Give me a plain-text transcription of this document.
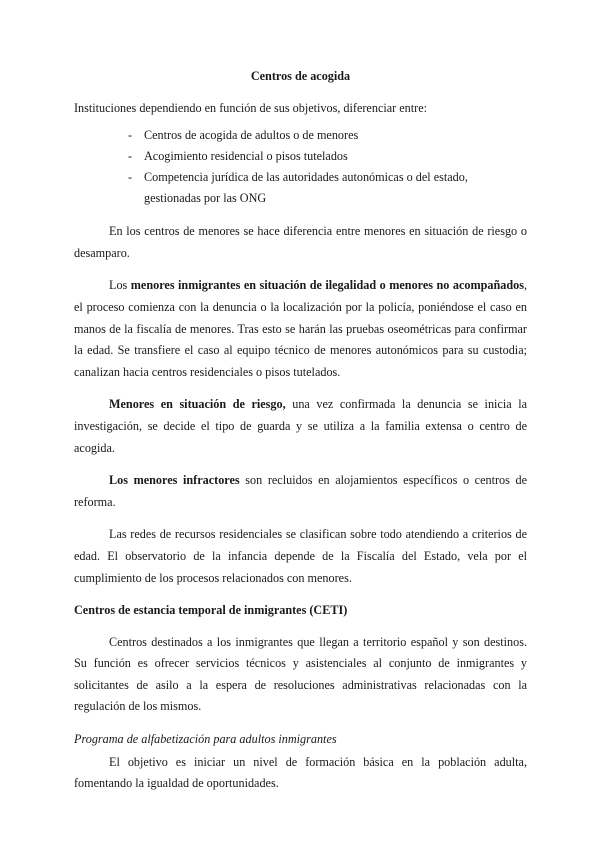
Centros de acogida

Instituciones dependiendo en función de sus objetivos, diferenciar entre:

- Centros de acogida de adultos o de menores
- Acogimiento residencial o pisos tutelados
- Competencia jurídica de las autoridades autonómicas o del estado, gestionadas por las ONG

En los centros de menores se hace diferencia entre menores en situación de riesgo o desamparo.

Los menores inmigrantes en situación de ilegalidad o menores no acompañados, el proceso comienza con la denuncia o la localización por la policía, poniéndose el caso en manos de la fiscalía de menores. Tras esto se harán las pruebas oseométricas para confirmar la edad. Se transfiere el caso al equipo técnico de menores autonómicos para su custodia; canalizan hacia centros residenciales o pisos tutelados.

Menores en situación de riesgo, una vez confirmada la denuncia se inicia la investigación, se decide el tipo de guarda y se utiliza a la familia extensa o centro de acogida.

Los menores infractores son recluidos en alojamientos específicos o centros de reforma.

Las redes de recursos residenciales se clasifican sobre todo atendiendo a criterios de edad. El observatorio de la infancia depende de la Fiscalía del Estado, vela por el cumplimiento de los procesos relacionados con menores.

Centros de estancia temporal de inmigrantes (CETI)

Centros destinados a los inmigrantes que llegan a territorio español y son destinos. Su función es ofrecer servicios técnicos y asistenciales al conjunto de inmigrantes y solicitantes de asilo a la espera de resoluciones administrativas relacionadas con la regulación de los mismos.

Programa de alfabetización para adultos inmigrantes

El objetivo es iniciar un nivel de formación básica en la población adulta, fomentando la igualdad de oportunidades.
